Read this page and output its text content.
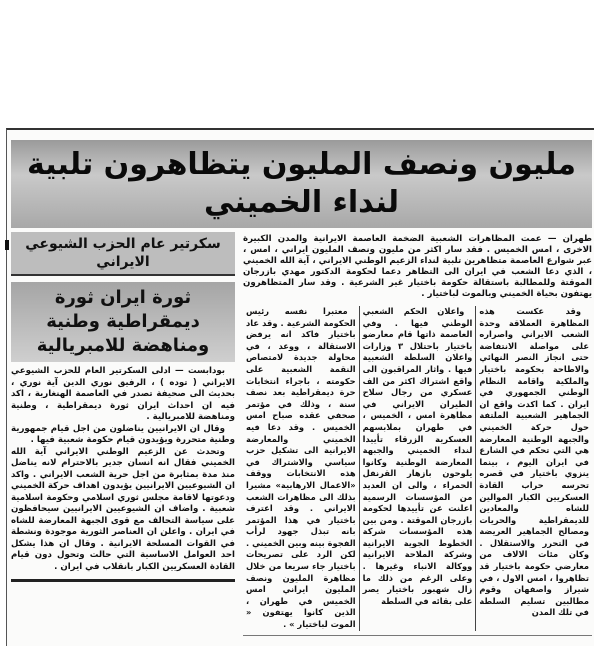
مليون ونصف المليون يتظاهرون تلبية لنداء الخميني
سكرتير عام الحزب الشيوعي الايراني
ثورة ايران ثورة ديمقراطية وطنية ومناهضة للامبريالية

بودابست — ادلى السكرتير العام للحزب الشيوعي الايراني ( توده ) ، الرفيق نوري الدين آية نوري ، بحديث الى صحيفة تصدر في العاصمة الهنغارية ، اكد فيه ان احداث ايران ثورة ديمقراطية ، وطنية ومناهضة للامبريالية .

وقال ان الايرانيين يناضلون من اجل قيام جمهورية وطنية متحررة ويؤيدون قيام حكومة شعبية فيها .

وتحدث عن الزعيم الوطني الايراني آية الله الخميني فقال انه انسان جدير بالاحترام لانه يناضل منذ مدة بمثابرة من اجل حرية الشعب الايراني . واكد ان الشيوعيين الايرانيين يؤيدون اهداف حركة الخميني ودعوتها لاقامة مجلس ثوري اسلامي وحكومة اسلامية شعبية . واضاف ان الشيوعيين الايرانيين سيحافظون على سياسة التحالف مع قوى الجبهة المعارضة للشاه في ايران . واعلن ان العناصر الثورية موجودة ونشطة في القوات المسلحة الايرانية . وقال ان هذا يشكل احد العوامل الاساسية التي حالت وتحول دون قيام القادة العسكريين الكبار بانقلاب في ايران .

طهران — عمت المظاهرات الشعبية الضخمة العاصمة الايرانية والمدن الكبيرة الاخرى ، امس الخميس . فقد سار اكثر من مليون ونصف المليون ايراني ، امس ، عبر شوارع العاصمة متظاهرين تلبية لنداء الزعيم الوطني الايراني ، آية الله الخميني ، الذي دعا الشعب في ايران الى التظاهر دعما لحكومة الدكتور مهدي بازرجان الموقتة وللمطالبة باستقالة حكومة باختيار غير الشرعية . وقد سار المتظاهرون يهتفون بحياة الخميني وبالموت لباختيار .

وقد عكست هذه المظاهرة العملاقة وحدة الشعب الايراني واصراره على مواصلة الانتفاضة حتى انجاز النصر النهائي والاطاحة بحكومة باختيار والملكية واقامة النظام الوطني الجمهوري في ايران . كما اكدت واقع ان الجماهير الشعبية الملتفة حول حركة الخميني والجبهة الوطنية المعارضة هي التي تحكم في الشارع في ايران اليوم ، بينما ينزوي باختيار في قصره تحرسه حراب القادة العسكريين الكبار الموالين للشاه والمعادين للديمقراطية والحريات ومصالح الجماهير العريضة في التحرر والاستقلال . وكان مئات الالاف من معارضي حكومة باختيار قد تظاهروا ، امس الاول ، في شيراز واصفهان وقوم مطالبين تسليم السلطة في تلك المدن

واعلان الحكم الشعبي الوطني فيها . وفي العاصمة ذاتها قام معارضو باختيار باحتلال ٣ وزارات واعلان السلطة الشعبية فيها . واثار المراقبون الى واقع اشتراك اكثر من الف عسكري من رجال سلاح الطيران الايراني في مظاهرة امس ، الخميس ، في طهران بملابسهم العسكرية الزرقاء تأييدا لنداء الخميني والجبهة المعارضة الوطنية وكانوا يلوحون بازهار القرنفل الحمراء ، والى ان العديد من المؤسسات الرسمية اعلنت عن تأييدها لحكومة بازرجان الموقتة . ومن بين هذه المؤسسات شركة الخطوط الجوية الايرانية وشركة الملاحة الايرانية ووكالة الانباء وغيرها . وعلى الرغم من ذلك ما زال شهبور باختيار يصر على بقائه في السلطة

معتبرا نفسه رئيس الحكومة الشرعية . وقد عاد باختيار فاكد انه يرفض الاستقالة ، ووعد ، في محاولة جديدة لامتصاص النقمة الشعبية على حكومته ، باجراء انتخابات حرة ديمقراطية بعد نصف سنة ، وذلك في مؤتمر صحفي عقده صباح امس الخميس . وقد دعا فيه الخميني والمعارضة الايرانية الى تشكيل حزب سياسي والاشتراك في هذه الانتخابات ووقف «الاعمال الارهابية» مشيرا بذلك الى مظاهرات الشعب الايراني . وقد اعترف باختيار في هذا المؤتمر بانه تبذل جهود لرأب الفجوة بينه وبين الخميني . لكن الرد على تصريحات باختيار جاء سريعا من خلال مظاهرة المليون ونصف المليون ايراني امس الخميس في طهران ، الذين كانوا يهتفون « الموت لباختيار » .
